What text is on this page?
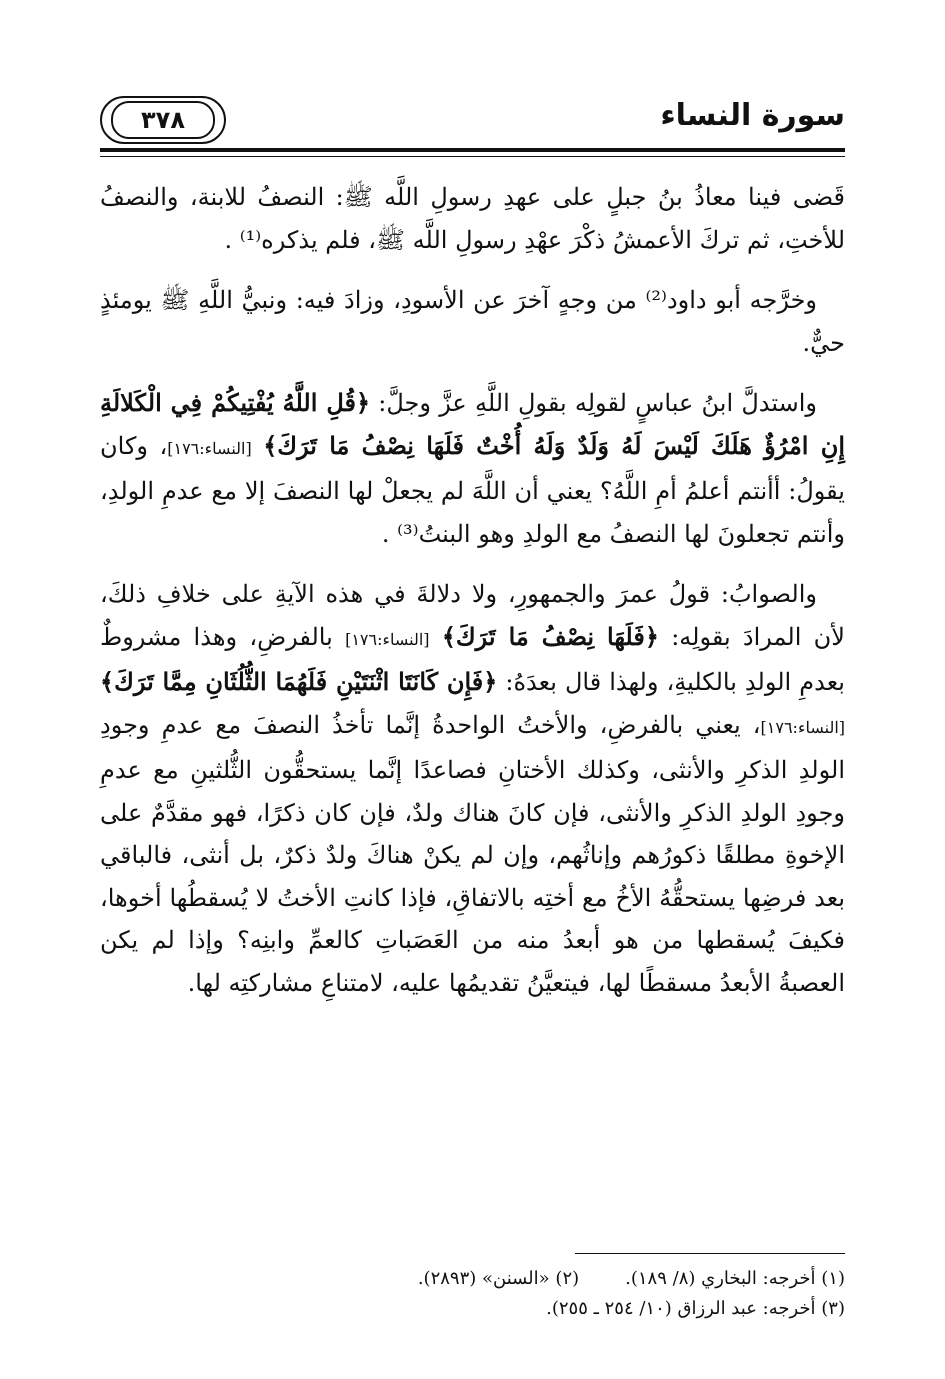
سورة النساء
٣٧٨

قَضى فينا معاذُ بنُ جبلٍ على عهدِ رسولِ اللَّه ﷺ: النصفُ للابنة، والنصفُ للأختِ، ثم تركَ الأعمشُ ذكْرَ عهْدِ رسولِ اللَّه ﷺ، فلم يذكره⁽¹⁾ .

وخرَّجه أبو داود⁽²⁾ من وجهٍ آخرَ عن الأسودِ، وزادَ فيه: ونبيُّ اللَّهِ ﷺ يومئذٍ حيٌّ.

واستدلَّ ابنُ عباسٍ لقولِه بقولِ اللَّهِ عزَّ وجلَّ: ﴿قُلِ اللَّهُ يُفْتِيكُمْ فِي الْكَلالَةِ إِنِ امْرُؤٌ هَلَكَ لَيْسَ لَهُ وَلَدٌ وَلَهُ أُخْتٌ فَلَهَا نِصْفُ مَا تَرَكَ﴾ [النساء:١٧٦]، وكان يقولُ: أأنتم أعلمُ أمِ اللَّهُ؟ يعني أن اللَّهَ لم يجعلْ لها النصفَ إلا مع عدمِ الولدِ، وأنتم تجعلونَ لها النصفُ مع الولدِ وهو البنتُ⁽³⁾ .

والصوابُ: قولُ عمرَ والجمهورِ، ولا دلالةَ في هذه الآيةِ على خلافِ ذلكَ، لأن المرادَ بقولِه: ﴿فَلَهَا نِصْفُ مَا تَرَكَ﴾ [النساء:١٧٦] بالفرضِ، وهذا مشروطٌ بعدمِ الولدِ بالكليةِ، ولهذا قال بعدَهُ: ﴿فَإِن كَانَتَا اثْنَتَيْنِ فَلَهُمَا الثُّلُثَانِ مِمَّا تَرَكَ﴾ [النساء:١٧٦]، يعني بالفرضِ، والأختُ الواحدةُ إنَّما تأخذُ النصفَ مع عدمِ وجودِ الولدِ الذكرِ والأنثى، وكذلك الأختانِ فصاعدًا إنَّما يستحقُّون الثُّلثينِ مع عدمِ وجودِ الولدِ الذكرِ والأنثى، فإن كانَ هناك ولدٌ، فإن كان ذكرًا، فهو مقدَّمٌ على الإخوةِ مطلقًا ذكورُهم وإناثُهم، وإن لم يكنْ هناكَ ولدٌ ذكرٌ، بل أنثى، فالباقي بعد فرضِها يستحقُّهُ الأخُ مع أختِه بالاتفاقِ، فإذا كانتِ الأختُ لا يُسقطُها أخوها، فكيفَ يُسقطها من هو أبعدُ منه من العَصَباتِ كالعمِّ وابنِه؟ وإذا لم يكن العصبةُ الأبعدُ مسقطًا لها، فيتعيَّنُ تقديمُها عليه، لامتناعِ مشاركتِه لها.

(١) أخرجه: البخاري (٨/ ١٨٩).
(٢) «السنن» (٢٨٩٣).
(٣) أخرجه: عبد الرزاق (١٠/ ٢٥٤ ـ ٢٥٥).
